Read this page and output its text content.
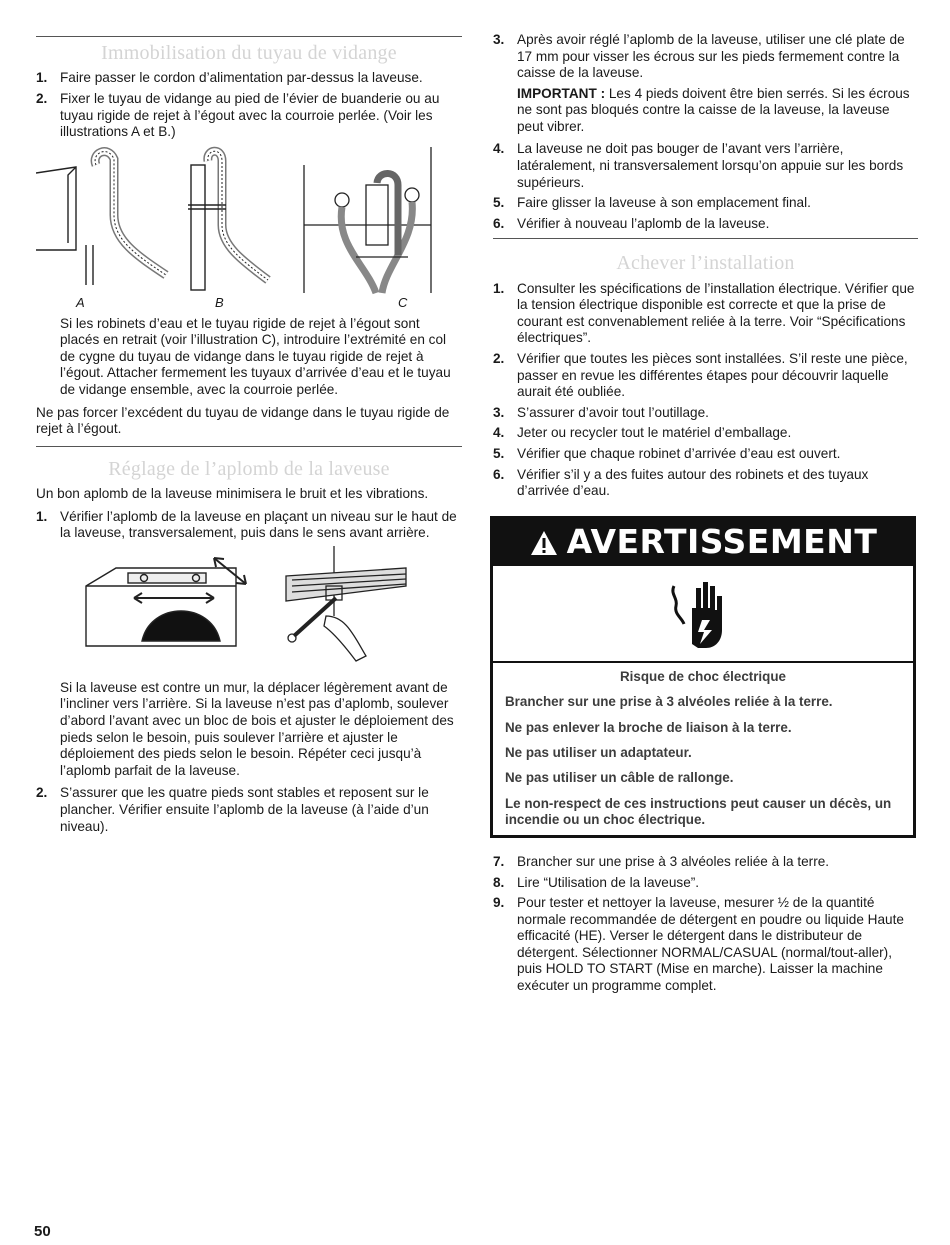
Immobilisation du tuyau de vidange
1. Faire passer le cordon d’alimentation par-dessus la laveuse.
2. Fixer le tuyau de vidange au pied de l’évier de buanderie ou au tuyau rigide de rejet à l’égout avec la courroie perlée. (Voir les illustrations A et B.)
A	B	C

Si les robinets d’eau et le tuyau rigide de rejet à l’égout sont placés en retrait (voir l’illustration C), introduire l’extrémité en col de cygne du tuyau de vidange dans le tuyau rigide de rejet à l’égout. Attacher fermement les tuyaux d’arrivée d’eau et le tuyau de vidange ensemble, avec la courroie perlée.

Ne pas forcer l’excédent du tuyau de vidange dans le tuyau rigide de rejet à l’égout.

Réglage de l’aplomb de la laveuse

Un bon aplomb de la laveuse minimisera le bruit et les vibrations.

1. Vérifier l’aplomb de la laveuse en plaçant un niveau sur le haut de la laveuse, transversalement, puis dans le sens avant arrière.

Si la laveuse est contre un mur, la déplacer légèrement avant de l’incliner vers l’arrière. Si la laveuse n’est pas d’aplomb, soulever d’abord l’avant avec un bloc de bois et ajuster le déploiement des pieds selon le besoin, puis soulever l’arrière et ajuster le déploiement des pieds selon le besoin. Répéter ceci jusqu’à l’aplomb parfait de la laveuse.

2. S’assurer que les quatre pieds sont stables et reposent sur le plancher. Vérifier ensuite l’aplomb de la laveuse (à l’aide d’un niveau).
3. Après avoir réglé l’aplomb de la laveuse, utiliser une clé plate de 17 mm pour visser les écrous sur les pieds fermement contre la caisse de la laveuse.

IMPORTANT : Les 4 pieds doivent être bien serrés. Si les écrous ne sont pas bloqués contre la caisse de la laveuse, la laveuse peut vibrer.

4. La laveuse ne doit pas bouger de l’avant vers l’arrière, latéralement, ni transversalement lorsqu’on appuie sur les bords supérieurs.
5. Faire glisser la laveuse à son emplacement final.
6. Vérifier à nouveau l’aplomb de la laveuse.
Achever l’installation
1. Consulter les spécifications de l’installation électrique. Vérifier que la tension électrique disponible est correcte et que la prise de courant est convenablement reliée à la terre. Voir “Spécifications électriques”.
2. Vérifier que toutes les pièces sont installées. S’il reste une pièce, passer en revue les différentes étapes pour découvrir laquelle aurait été oubliée.
3. S’assurer d’avoir tout l’outillage.
4. Jeter ou recycler tout le matériel d’emballage.
5. Vérifier que chaque robinet d’arrivée d’eau est ouvert.
6. Vérifier s’il y a des fuites autour des robinets et des tuyaux d’arrivée d’eau.
AVERTISSEMENT
Risque de choc électrique
Brancher sur une prise à 3 alvéoles reliée à la terre.
Ne pas enlever la broche de liaison à la terre.
Ne pas utiliser un adaptateur.
Ne pas utiliser un câble de rallonge.
Le non-respect de ces instructions peut causer un décès, un incendie ou un choc électrique.
7. Brancher sur une prise à 3 alvéoles reliée à la terre.
8. Lire “Utilisation de la laveuse”.
9. Pour tester et nettoyer la laveuse, mesurer ½ de la quantité normale recommandée de détergent en poudre ou liquide Haute efficacité (HE). Verser le détergent dans le distributeur de détergent. Sélectionner NORMAL/CASUAL (normal/tout-aller), puis HOLD TO START (Mise en marche). Laisser la machine exécuter un programme complet.
50
